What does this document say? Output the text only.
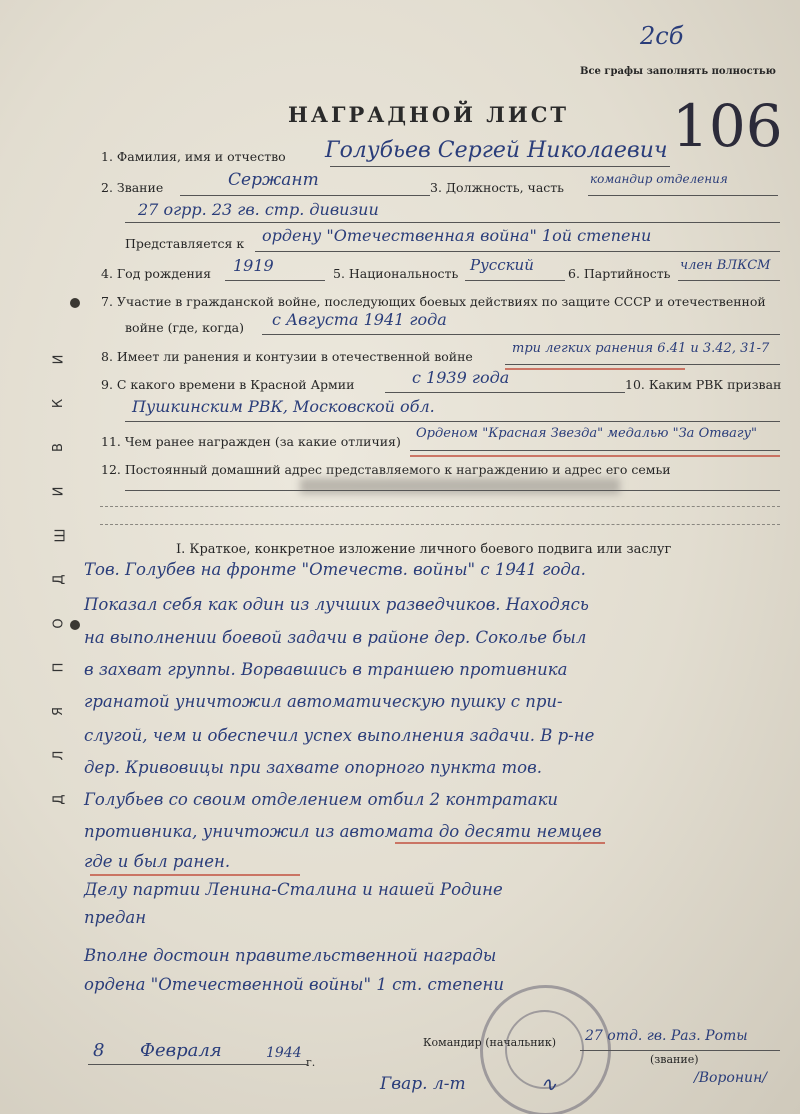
2сб
Все графы заполнять полностью
106
НАГРАДНОЙ ЛИСТ
1. Фамилия, имя и отчество Голубьев Сергей Николаевич
2. Звание	Сержант	3. Должность, часть
командир отделения
27 огрр. 23 гв. стр. дивизии
Представляется к ордену "Отечественная война" 1ой степени
4. Год рождения 1919	5. Национальность Русский	6. Партийность
член ВЛКСМ
7. Участие в гражданской войне, последующих боевых действиях по защите СССР и отечественной
войне (где, когда) с Августа 1941 года
8. Имеет ли ранения и контузии в отечественной войне
три легких ранения 6.41 и 3.42, 31-7
9. С какого времени в Красной Армии	с 1939 года	10. Каким РВК призван
Пушкинским РВК, Московской обл.
11. Чем ранее награжден (за какие отличия)
Орденом "Красная Звезда" медалью "За Отвагу"
12. Постоянный домашний адрес представляемого к награждению и адрес его семьи
Д
Л
Я
П
О
Д
Ш
И
В
К
И
I. Краткое, конкретное изложение личного боевого подвига или заслуг
Тов. Голубев на фронте "Отечеств. войны" с 1941 года.
Показал себя как один из лучших разведчиков. Находясь
на выполнении боевой задачи в районе дер. Соколье был
в захват группы. Ворвавшись в траншею противника
гранатой уничтожил автоматическую пушку с при-
слугой, чем и обеспечил успех выполнения задачи. В р-не
дер. Кривовицы при захвате опорного пункта тов.
Голубьев со своим отделением отбил 2 контратаки
противника, уничтожил из автомата до десяти немцев
где и был ранен.
Делу партии Ленина-Сталина и нашей Родине
предан
Вполне достоин правительственной награды
ордена "Отечественной войны" 1 ст. степени
8 Февраля	1944
г.
Командир (начальник) 27 отд. гв. Раз. Роты
(звание)
Гвар. л-т	∿	/Воронин/
